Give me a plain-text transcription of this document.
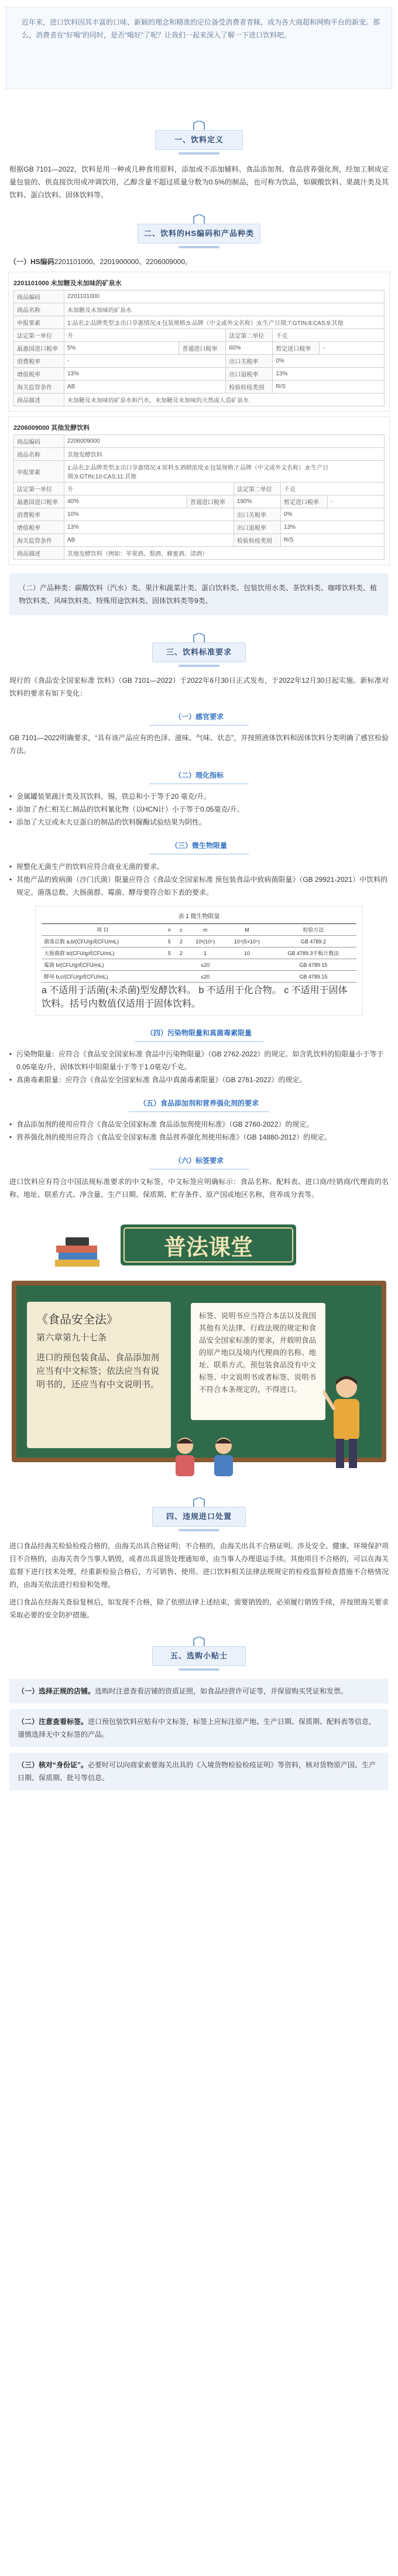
近年来，进口饮料因其丰富的口味、新颖的理念和精准的定位备受消费者青睐，成为各大商超和网购平台的新宠。那么，消费者在“好喝”的同时，是否“喝好”了呢？让我们一起来深入了解一下进口饮料吧。

一、饮料定义

根据GB 7101—2022，饮料是用一种或几种食用原料，添加或不添加辅料、食品添加剂、食品营养强化剂，经加工制成定量包装的、供直接饮用或冲调饮用，乙醇含量不超过质量分数为0.5%的制品，也可称为饮品，如碳酸饮料、果蔬汁类及其饮料、蛋白饮料、固体饮料等。

二、饮料的HS编码和产品种类

（一）HS编码2201101000、2201900000、2206009000。

2201101000 未加糖及未加味的矿泉水
商品编码	2201101000				
商品名称	未加糖及未加味的矿泉水				
申报要素	1:品名;2:品牌类型;3:出口享惠情况;4:包装规格;5:品牌（中文或外文名称）;6:生产日期;7:GTIN;8:CAS;9:其他				
法定第一单位	升		法定第二单位	千克	
最惠国进口税率	5%	普通进口税率	60%	暂定进口税率	-
消费税率	-		出口关税率	0%	
增值税率	13%		出口退税率	13%	
海关监管条件	AB		检验检疫类别	R/S	
商品描述	未加糖及未加味的矿泉水和汽水，未加糖及未加味的天然或人造矿泉水				
2206009000 其他发酵饮料
商品编码	2206009000				
商品名称	其他发酵饮料				
申报要素	1:品名;2:品牌类型;3:出口享惠情况;4:原料;5:酒精浓度;6:包装规格;7:品牌（中文或外文名称）;8:生产日期;9:GTIN;10:CAS;11:其他				
法定第一单位	升		法定第二单位	千克	
最惠国进口税率	40%	普通进口税率	180%	暂定进口税率	-
消费税率	10%		出口关税率	0%	
增值税率	13%		出口退税率	13%	
海关监管条件	AB		检验检疫类别	R/S	
商品描述	其他发酵饮料（例如：苹果酒、梨酒、蜂蜜酒、清酒）				

（二）产品种类：碳酸饮料（汽水）类、果汁和蔬菜汁类、蛋白饮料类、包装饮用水类、茶饮料类、咖啡饮料类、植物饮料类、风味饮料类、特殊用途饮料类、固体饮料类等9类。

三、饮料标准要求

现行的《食品安全国家标准 饮料》（GB 7101—2022）于2022年6月30日正式发布，于2022年12月30日起实施。新标准对饮料的要求有如下变化：

（一）感官要求

GB 7101—2022明确要求，“具有该产品应有的色泽、滋味、气味、状态”，并按照液体饮料和固体饮料分类明确了感官检验方法。

（二）理化指标
• 金属罐装果蔬汁类及其饮料，锡，铁总和小于等于20 毫克/升。
• 添加了杏仁相关仁制品的饮料氰化物（以HCN计）小于等于0.05毫克/升。
• 添加了大豆或未大豆蛋白的制品的饮料脲酶试验结果为阴性。
（三）微生物限量
• 规整化无菌生产的饮料应符合商业无菌的要求。
• 其他产品的致病菌（沙门氏菌）限量应符合《食品安全国家标准 预包装食品中致病菌限量》（GB 29921-2021）中饮料的规定。菌落总数、大肠菌群、霉菌、酵母要符合如下表的要求。
表 1 微生物限量
项 目	n	c	m	M	检验方法
菌落总数 a,b/(CFU/g或CFU/mL)	5	2	10²(10⁴)	10⁴(5×10⁴)	GB 4789.2
大肠菌群 b/(CFU/g或CFU/mL)	5	2	1	10	GB 4789.3平板计数法
霉菌 b/(CFU/g或CFU/mL)			≤20		GB 4789.15
酵母 b,c/(CFU/g或CFU/mL)			≤20		GB 4789.15
a 不适用于活菌(未杀菌)型发酵饮料。 b 不适用于化合物。 c 不适用于固体饮料。括号内数值仅适用于固体饮料。
（四）污染物限量和真菌毒素限量
• 污染物限量：应符合《食品安全国家标准 食品中污染物限量》（GB 2762-2022）的规定。如含乳饮料的铅限量小于等于0.05毫克/升，固体饮料中铅限量小于等于1.0毫克/千克。
• 真菌毒素限量：应符合《食品安全国家标准 食品中真菌毒素限量》（GB 2761-2022）的规定。
（五）食品添加剂和营养强化剂的要求
• 食品添加剂的使用应符合《食品安全国家标准 食品添加剂使用标准》（GB 2760-2022）的规定。
• 营养强化剂的使用应符合《食品安全国家标准 食品营养强化剂使用标准》（GB 14880-2012）的规定。
（六）标签要求

进口饮料应有符合中国法规标准要求的中文标签，中文标签应明确标示：食品名称、配料表、进口商/经销商/代理商的名称、地址、联系方式、净含量、生产日期、保质期、贮存条件、原产国或地区名称，营养成分表等。

普法课堂
《食品安全法》
第六章第九十七条
进口的预包装食品、食品添加剂应当有中文标签；依法应当有说明书的，还应当有中文说明书。

标签、说明书应当符合本法以及我国其他有关法律、行政法规的规定和食品安全国家标准的要求，并载明食品的原产地以及境内代理商的名称、地址、联系方式。预包装食品没有中文标签、中文说明书或者标签、说明书不符合本条规定的，不得进口。

四、违规进口处置

进口食品经海关检验检疫合格的，由海关出具合格证明；不合格的，由海关出具不合格证明。涉及安全、健康、环境保护项目不合格的，由海关责令当事人销毁，或者出具退货处理通知单，由当事人办理退运手续。其他项目不合格的，可以在海关监督下进行技术处理，经重新检验合格后，方可销售、使用。进口饮料相关法律法规规定的检疫监督检查措施不合格情况的，由海关依法进行检验和处理。

进口食品在经海关查验复核后，如发现不合格，除了依照法律上述结束，需要销毁的，必须履行销毁手续，并按照海关要求采取必要的安全防护措施。

五、选购小贴士

（一）选择正规的店铺。选购时注意查看店铺的资质证照，如食品经营许可证等，并保留购买凭证和发票。

（二）注意查看标签。进口预包装饮料应贴有中文标签，标签上应标注原产地、生产日期、保质期、配料表等信息，谨慎选择无中文标签的产品。

（三）核对“身份证”。必要时可以向商家索要海关出具的《入境货物检验检疫证明》等资料，核对货物原产国、生产日期、保质期、批号等信息。
